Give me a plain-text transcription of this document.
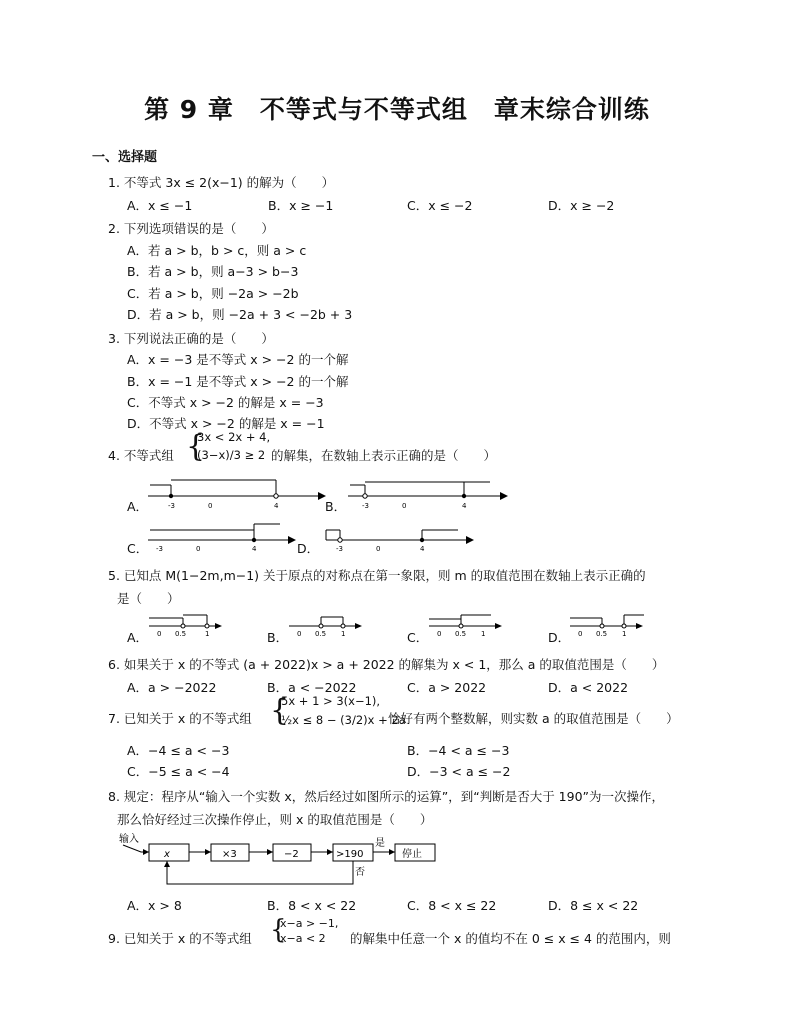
第 9 章　不等式与不等式组　章末综合训练
一、选择题
1. 不等式 3x ≤ 2(x−1) 的解为（　　）
A．x ≤ −1	B．x ≥ −1	C．x ≤ −2	D．x ≥ −2
2. 下列选项错误的是（　　）
A．若 a > b，b > c，则 a > c
B．若 a > b，则 a−3 > b−3
C．若 a > b，则 −2a > −2b
D．若 a > b，则 −2a + 3 < −2b + 3
3. 下列说法正确的是（　　）
A．x = −3 是不等式 x > −2 的一个解
B．x = −1 是不等式 x > −2 的一个解
C．不等式 x > −2 的解是 x = −3
D．不等式 x > −2 的解是 x = −1
4. 不等式组 {
3x < 2x + 4,
(3−x)/3 ≥ 2 的解集，在数轴上表示正确的是（　　）
A．	B．
C．	D．
-3	0	4	-3	0	4
-3	0	4	-3	0	4
5. 已知点 M(1−2m,m−1) 关于原点的对称点在第一象限，则 m 的取值范围在数轴上表示正确的
是（　　）
A．	B．	C．	D．
0 0.5	1	0 0.5 1	0 0.5 1	0 0.5 1
6. 如果关于 x 的不等式 (a + 2022)x > a + 2022 的解集为 x < 1，那么 a 的取值范围是（　　）
A．a > −2022	B．a < −2022	C．a > 2022	D．a < 2022
7. 已知关于 x 的不等式组 {
5x + 1 > 3(x−1),
½x ≤ 8 − (3/2)x + 2a
恰好有两个整数解，则实数 a 的取值范围是（　　）
A．−4 ≤ a < −3	B．−4 < a ≤ −3
C．−5 ≤ a < −4	D．−3 < a ≤ −2
8. 规定：程序从“输入一个实数 x，然后经过如图所示的运算”，到“判断是否大于 190”为一次操作，
那么恰好经过三次操作停止，则 x 的取值范围是（　　）
输入
x	×3	−2	>190
是
停止
否
A．x > 8	B．8 < x < 22	C．8 < x ≤ 22	D．8 ≤ x < 22
9. 已知关于 x 的不等式组 {
x−a > −1,
x−a < 2 的解集中任意一个 x 的值均不在 0 ≤ x ≤ 4 的范围内，则
